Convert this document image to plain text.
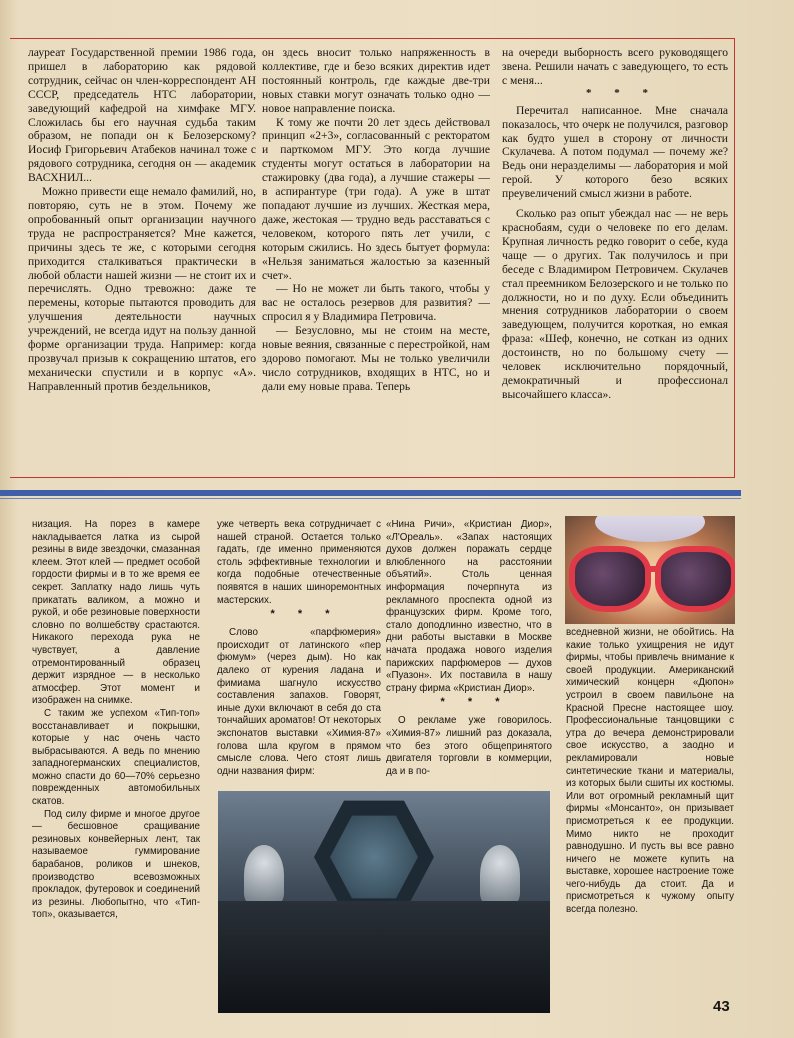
лауреат Государственной премии 1986 года, пришел в лабораторию как рядовой сотрудник, сейчас он член-корреспондент АН СССР, председатель НТС лаборатории, заведующий кафедрой на химфаке МГУ. Сложилась бы его научная судьба таким образом, не попади он к Белозерскому? Иосиф Григорьевич Атабеков начинал тоже с рядового сотрудника, сегодня он — академик ВАСХНИЛ...

Можно привести еще немало фамилий, но, повторяю, суть не в этом. Почему же опробованный опыт организации научного труда не распространяется? Мне кажется, причины здесь те же, с которыми сегодня приходится сталкиваться практически в любой области нашей жизни — не стоит их и перечислять. Одно тревожно: даже те перемены, которые пытаются проводить для улучшения деятельности научных учреждений, не всегда идут на пользу данной форме организации труда. Например: когда прозвучал призыв к сокращению штатов, его механически спустили и в корпус «А». Направленный против бездельников,

он здесь вносит только напряженность в коллективе, где и безо всяких директив идет постоянный контроль, где каждые две-три новых ставки могут означать только одно — новое направление поиска.

К тому же почти 20 лет здесь действовал принцип «2+3», согласованный с ректоратом и парткомом МГУ. Это когда лучшие студенты могут остаться в лаборатории на стажировку (два года), а лучшие стажеры — в аспирантуре (три года). А уже в штат попадают лучшие из лучших. Жесткая мера, даже, жестокая — трудно ведь расставаться с человеком, которого пять лет учили, с которым сжились. Но здесь бытует формула: «Нельзя заниматься жалостью за казенный счет».

— Но не может ли быть такого, чтобы у вас не осталось резервов для развития? — спросил я у Владимира Петровича.

— Безусловно, мы не стоим на месте, новые веяния, связанные с перестройкой, нам здорово помогают. Мы не только увеличили число сотрудников, входящих в НТС, но и дали ему новые права. Теперь

на очереди выборность всего руководящего звена. Решили начать с заведующего, то есть с меня...

* * *

Перечитал написанное. Мне сначала показалось, что очерк не получился, разговор как будто ушел в сторону от личности Скулачева. А потом подумал — почему же? Ведь они неразделимы — лаборатория и мой герой. У которого безо всяких преувеличений смысл жизни в работе.

Сколько раз опыт убеждал нас — не верь краснобаям, суди о человеке по его делам. Крупная личность редко говорит о себе, куда чаще — о других. Так получилось и при беседе с Владимиром Петровичем. Скулачев стал преемником Белозерского и не только по должности, но и по духу. Если объединить мнения сотрудников лаборатории о своем заведующем, получится короткая, но емкая фраза: «Шеф, конечно, не соткан из одних достоинств, но по большому счету — человек исключительно порядочный, демократичный и профессионал высочайшего класса».

низация. На порез в камере накладывается латка из сырой резины в виде звездочки, смазанная клеем. Этот клей — предмет особой гордости фирмы и в то же время ее секрет. Заплатку надо лишь чуть прикатать валиком, а можно и рукой, и обе резиновые поверхности словно по волшебству срастаются. Никакого перехода рука не чувствует, а давление отремонтированный образец держит изрядное — в несколько атмосфер. Этот момент и изображен на снимке.

С таким же успехом «Тип-топ» восстанавливает и покрышки, которые у нас очень часто выбрасываются. А ведь по мнению западногерманских специалистов, можно спасти до 60—70% серьезно поврежденных автомобильных скатов.

Под силу фирме и многое другое — бесшовное сращивание резиновых конвейерных лент, так называемое гуммирование барабанов, роликов и шнеков, производство всевозможных прокладок, футеровок и соединений из резины. Любопытно, что «Тип-топ», оказывается,

уже четверть века сотрудничает с нашей страной. Остается только гадать, где именно применяются столь эффективные технологии и когда подобные отечественные появятся в наших шиноремонтных мастерских.

* * *

Слово «парфюмерия» происходит от латинского «пер фюмум» (через дым). Но как далеко от курения ладана и фимиама шагнуло искусство составления запахов. Говорят, иные духи включают в себя до ста тончайших ароматов! От некоторых экспонатов выставки «Химия-87» голова шла кругом в прямом смысле слова. Чего стоят лишь одни названия фирм:

«Нина Ричи», «Кристиан Диор», «Л'Ореаль». «Запах настоящих духов должен поражать сердце влюбленного на расстоянии объятий». Столь ценная информация почерпнута из рекламного проспекта одной из французских фирм. Кроме того, стало доподлинно известно, что в дни работы выставки в Москве начата продажа нового изделия парижских парфюмеров — духов «Пуазон». Их поставила в нашу страну фирма «Кристиан Диор».

* * *

О рекламе уже говорилось. «Химия-87» лишний раз доказала, что без этого общепринятого двигателя торговли в коммерции, да и в по-

вседневной жизни, не обойтись. На какие только ухищрения не идут фирмы, чтобы привлечь внимание к своей продукции. Американский химический концерн «Дюпон» устроил в своем павильоне на Красной Пресне настоящее шоу. Профессиональные танцовщики с утра до вечера демонстрировали свое искусство, а заодно и рекламировали новые синтетические ткани и материалы, из которых были сшиты их костюмы. Или вот огромный рекламный щит фирмы «Монсанто», он призывает присмотреться к ее продукции. Мимо никто не проходит равнодушно. И пусть вы все равно ничего не можете купить на выставке, хорошее настроение тоже чего-нибудь да стоит. Да и присмотреться к чужому опыту всегда полезно.

43
